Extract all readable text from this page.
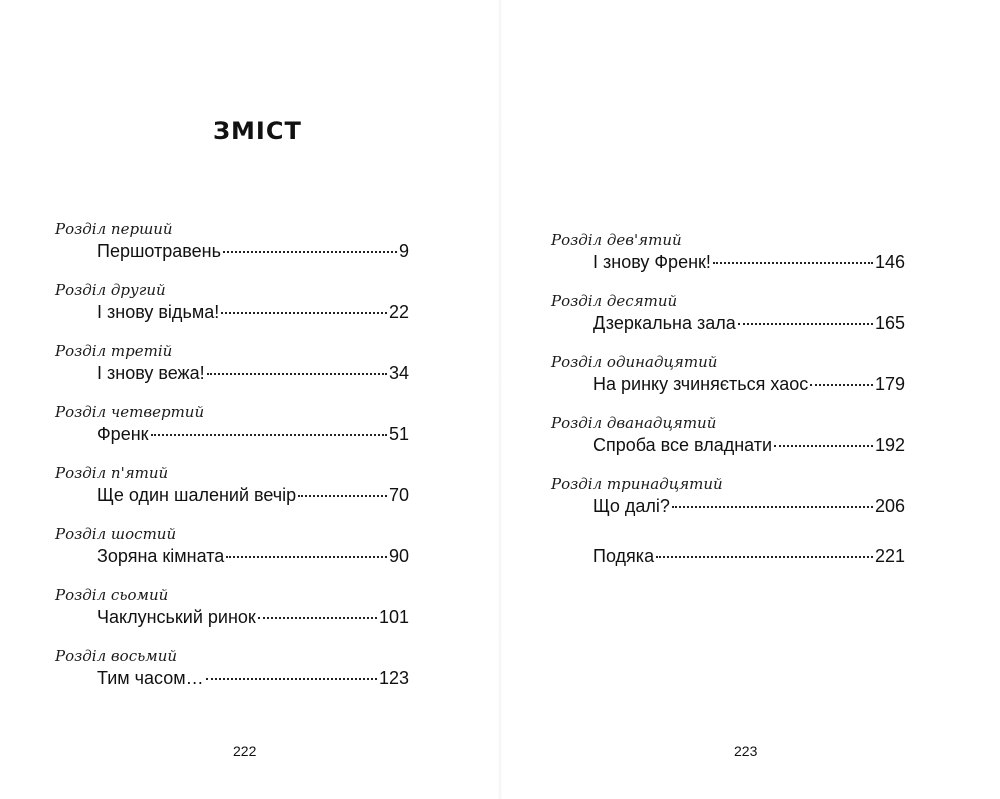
ЗМІСТ
Розділ перший
Першотравень	9
Розділ другий
І знову відьма!	22
Розділ третій
І знову вежа!	34
Розділ четвертий
Френк	51
Розділ п'ятий
Ще один шалений вечір	70
Розділ шостий
Зоряна кімната	90
Розділ сьомий
Чаклунський ринок	101
Розділ восьмий
Тим часом…	123
222
Розділ дев'ятий
І знову Френк!	146
Розділ десятий
Дзеркальна зала	165
Розділ одинадцятий
На ринку зчиняється хаос	179
Розділ дванадцятий
Спроба все владнати	192
Розділ тринадцятий
Що далі?	206
Подяка	221
223
